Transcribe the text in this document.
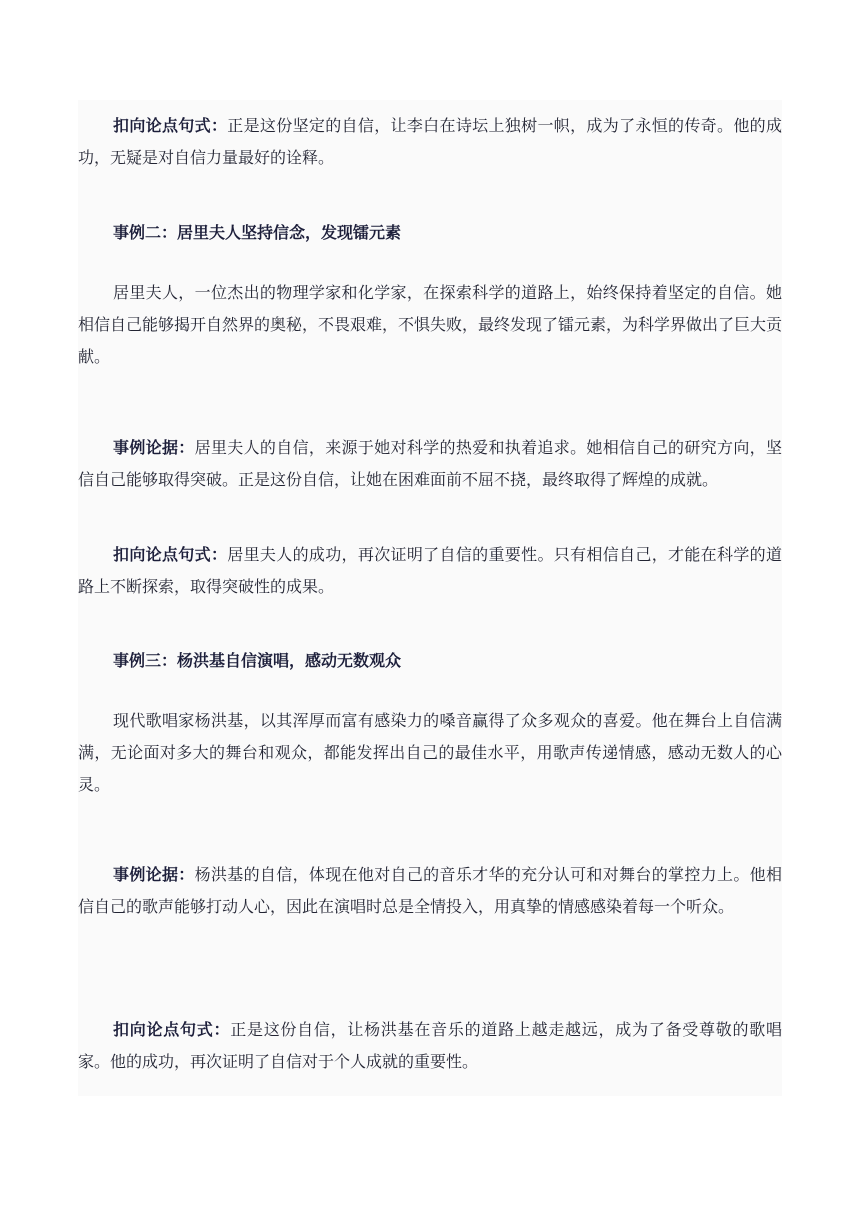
扣向论点句式：正是这份坚定的自信，让李白在诗坛上独树一帜，成为了永恒的传奇。他的成功，无疑是对自信力量最好的诠释。

事例二：居里夫人坚持信念，发现镭元素

居里夫人，一位杰出的物理学家和化学家，在探索科学的道路上，始终保持着坚定的自信。她相信自己能够揭开自然界的奥秘，不畏艰难，不惧失败，最终发现了镭元素，为科学界做出了巨大贡献。

事例论据：居里夫人的自信，来源于她对科学的热爱和执着追求。她相信自己的研究方向，坚信自己能够取得突破。正是这份自信，让她在困难面前不屈不挠，最终取得了辉煌的成就。

扣向论点句式：居里夫人的成功，再次证明了自信的重要性。只有相信自己，才能在科学的道路上不断探索，取得突破性的成果。

事例三：杨洪基自信演唱，感动无数观众

现代歌唱家杨洪基，以其浑厚而富有感染力的嗓音赢得了众多观众的喜爱。他在舞台上自信满满，无论面对多大的舞台和观众，都能发挥出自己的最佳水平，用歌声传递情感，感动无数人的心灵。

事例论据：杨洪基的自信，体现在他对自己的音乐才华的充分认可和对舞台的掌控力上。他相信自己的歌声能够打动人心，因此在演唱时总是全情投入，用真挚的情感感染着每一个听众。

扣向论点句式：正是这份自信，让杨洪基在音乐的道路上越走越远，成为了备受尊敬的歌唱家。他的成功，再次证明了自信对于个人成就的重要性。
